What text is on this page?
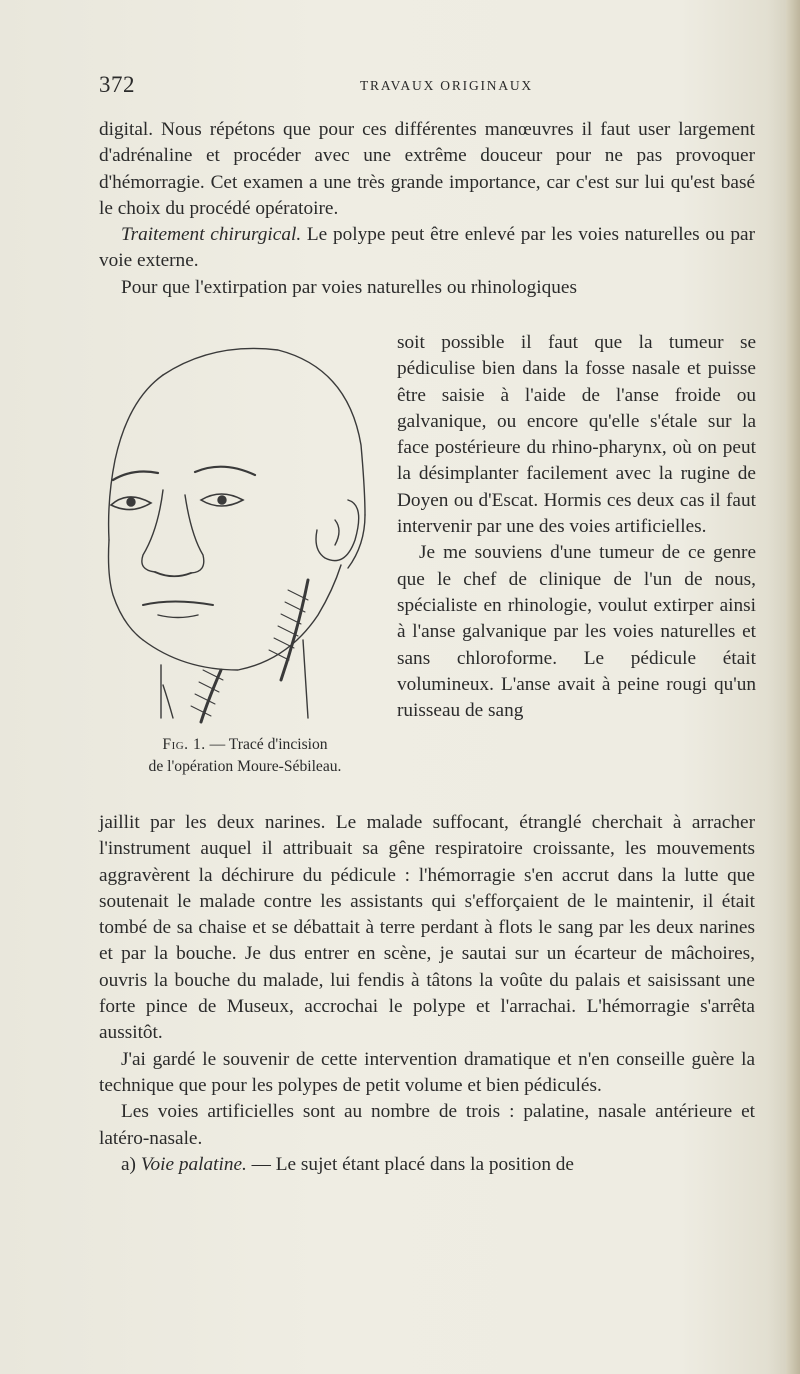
372	TRAVAUX ORIGINAUX

digital. Nous répétons que pour ces différentes manœuvres il faut user largement d'adrénaline et procéder avec une extrême douceur pour ne pas provoquer d'hémorragie. Cet examen a une très grande importance, car c'est sur lui qu'est basé le choix du procédé opératoire.

Traitement chirurgical. Le polype peut être enlevé par les voies naturelles ou par voie externe.

Pour que l'extirpation par voies naturelles ou rhinologiques

soit possible il faut que la tumeur se pédiculise bien dans la fosse nasale et puisse être saisie à l'aide de l'anse froide ou galvanique, ou encore qu'elle s'étale sur la face postérieure du rhino-pharynx, où on peut la désimplanter facilement avec la rugine de Doyen ou d'Escat. Hormis ces deux cas il faut intervenir par une des voies artificielles.

Je me souviens d'une tumeur de ce genre que le chef de clinique de l'un de nous, spécialiste en rhinologie, voulut extirper ainsi à l'anse galvanique par les voies naturelles et sans chloroforme. Le pédicule était volumineux. L'anse avait à peine rougi qu'un ruisseau de sang

Fig. 1. — Tracé d'incision
de l'opération Moure-Sébileau.

jaillit par les deux narines. Le malade suffocant, étranglé cherchait à arracher l'instrument auquel il attribuait sa gêne respiratoire croissante, les mouvements aggravèrent la déchirure du pédicule : l'hémorragie s'en accrut dans la lutte que soutenait le malade contre les assistants qui s'efforçaient de le maintenir, il était tombé de sa chaise et se débattait à terre perdant à flots le sang par les deux narines et par la bouche. Je dus entrer en scène, je sautai sur un écarteur de mâchoires, ouvris la bouche du malade, lui fendis à tâtons la voûte du palais et saisissant une forte pince de Museux, accrochai le polype et l'arrachai. L'hémorragie s'arrêta aussitôt.

J'ai gardé le souvenir de cette intervention dramatique et n'en conseille guère la technique que pour les polypes de petit volume et bien pédiculés.

Les voies artificielles sont au nombre de trois : palatine, nasale antérieure et latéro-nasale.

a) Voie palatine. — Le sujet étant placé dans la position de
